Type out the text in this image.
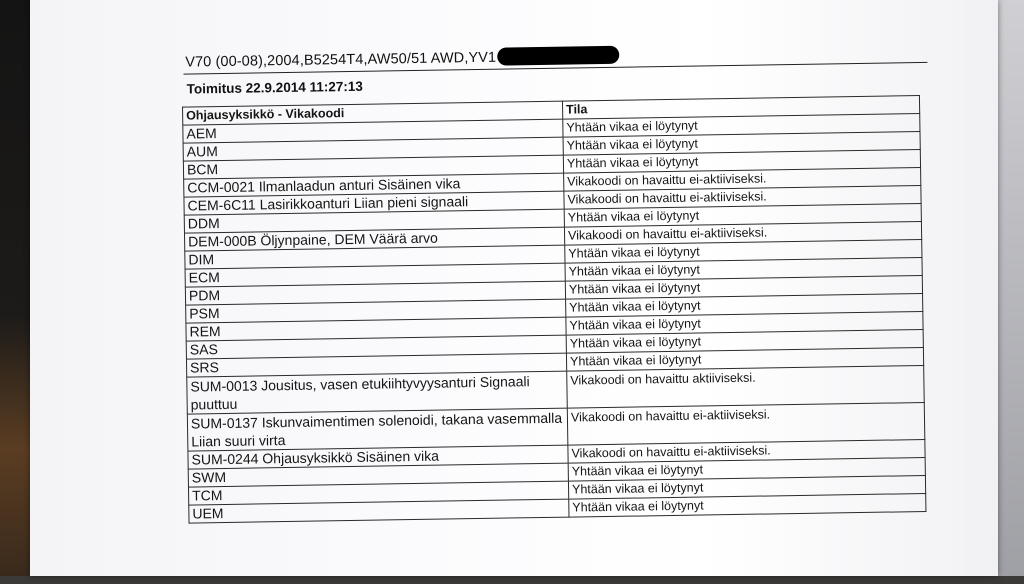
V70 (00-08),2004,B5254T4,AW50/51 AWD,YV1
Toimitus 22.9.2014 11:27:13
Ohjausyksikkö - Vikakoodi	Tila
AEM	Yhtään vikaa ei löytynyt
AUM	Yhtään vikaa ei löytynyt
BCM	Yhtään vikaa ei löytynyt
CCM-0021 Ilmanlaadun anturi Sisäinen vika	Vikakoodi on havaittu ei-aktiiviseksi.
CEM-6C11 Lasirikkoanturi Liian pieni signaali	Vikakoodi on havaittu ei-aktiiviseksi.
DDM	Yhtään vikaa ei löytynyt
DEM-000B Öljynpaine, DEM Väärä arvo	Vikakoodi on havaittu ei-aktiiviseksi.
DIM	Yhtään vikaa ei löytynyt
ECM	Yhtään vikaa ei löytynyt
PDM	Yhtään vikaa ei löytynyt
PSM	Yhtään vikaa ei löytynyt
REM	Yhtään vikaa ei löytynyt
SAS	Yhtään vikaa ei löytynyt
SRS	Yhtään vikaa ei löytynyt
SUM-0013 Jousitus, vasen etukiihtyvyysanturi Signaali puuttuu	Vikakoodi on havaittu aktiiviseksi.
SUM-0137 Iskunvaimentimen solenoidi, takana vasemmalla Liian suuri virta	Vikakoodi on havaittu ei-aktiiviseksi.
SUM-0244 Ohjausyksikkö Sisäinen vika	Vikakoodi on havaittu ei-aktiiviseksi.
SWM	Yhtään vikaa ei löytynyt
TCM	Yhtään vikaa ei löytynyt
UEM	Yhtään vikaa ei löytynyt
